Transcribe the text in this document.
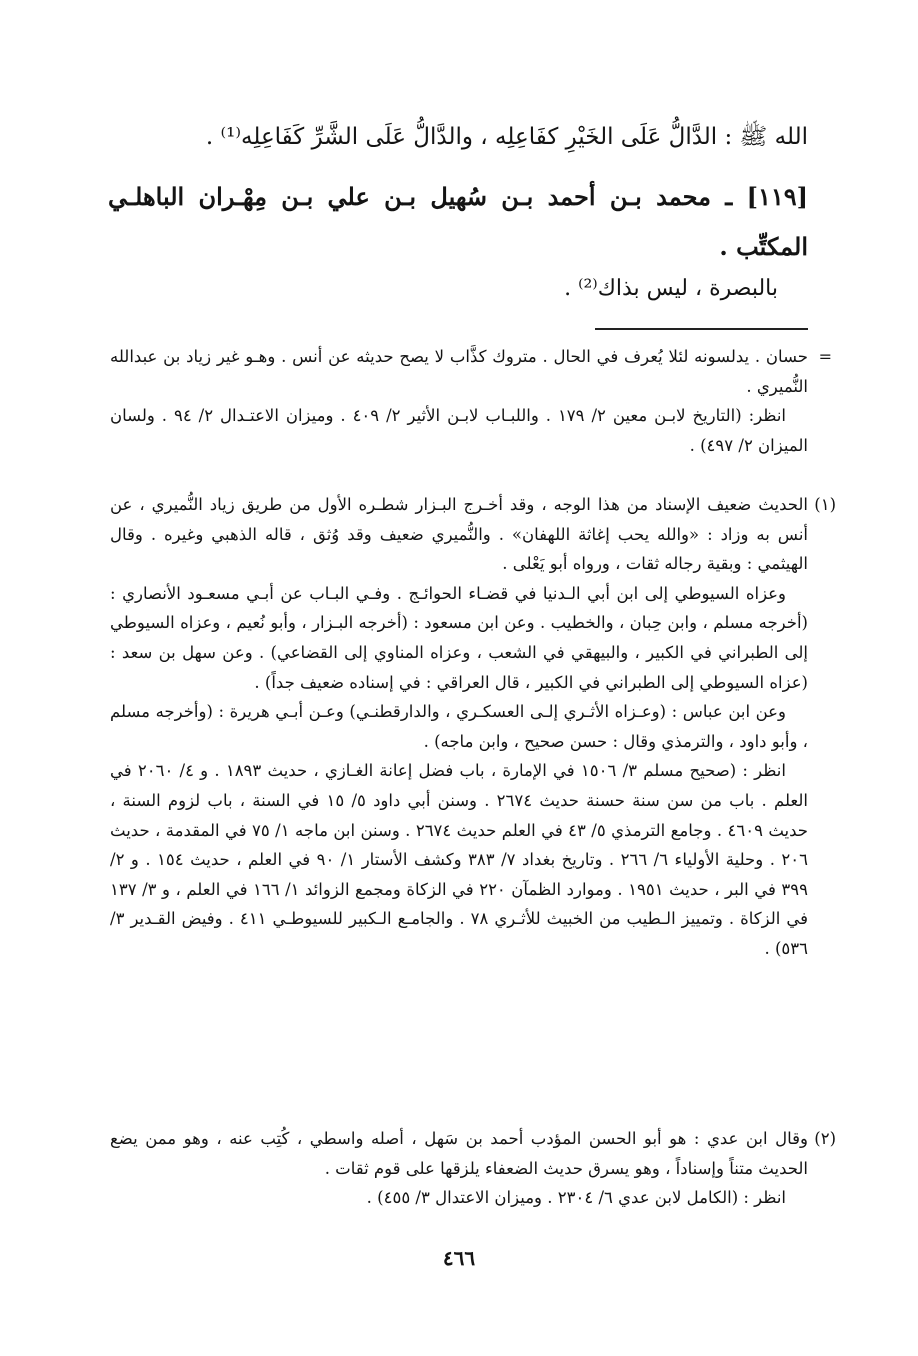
الله ﷺ : الدَّالُّ عَلَى الخَيْرِ كفَاعِلِه ، والدَّالُّ عَلَى الشَّرِّ كَفَاعِلِه⁽¹⁾ .
[١١٩] ـ محمد بـن أحمد بـن سُهيل بـن علي بـن مِهْـران الباهلـي المكتِّب .
بالبصرة ، ليس بذاك⁽²⁾ .
=

حسان . يدلسونه لئلا يُعرف في الحال . متروك كذَّاب لا يصح حديثه عن أنس . وهـو غير زياد بن عبدالله النُّميري .

انظر: (التاريخ لابـن معين ٢/ ١٧٩ . واللبـاب لابـن الأثير ٢/ ٤٠٩ . وميزان الاعتـدال ٢/ ٩٤ . ولسان الميزان ٢/ ٤٩٧) .

(١)

الحديث ضعيف الإسناد من هذا الوجه ، وقد أخـرج البـزار شطـره الأول من طريق زياد النُّميري ، عن أنس به وزاد : «والله يحب إغاثة اللهفان» . والنُّميري ضعيف وقد وُثق ، قاله الذهبي وغيره . وقال الهيثمي : وبقية رجاله ثقات ، ورواه أبو يَعْلى .

وعزاه السيوطي إلى ابن أبي الـدنيا في قضـاء الحوائـج . وفـي البـاب عن أبـي مسعـود الأنصاري : (أخرجه مسلم ، وابن حِبان ، والخطيب . وعن ابن مسعود : (أخرجه البـزار ، وأبو نُعيم ، وعزاه السيوطي إلى الطبراني في الكبير ، والبيهقي في الشعب ، وعزاه المناوي إلى القضاعي) . وعن سهل بن سعد : (عزاه السيوطي إلى الطبراني في الكبير ، قال العراقي : في إسناده ضعيف جداً) .

وعن ابن عباس : (وعـزاه الأثـري إلـى العسكـري ، والدارقطنـي) وعـن أبـي هريرة : (وأخرجه مسلم ، وأبو داود ، والترمذي وقال : حسن صحيح ، وابن ماجه) .

انظر : (صحيح مسلم ٣/ ١٥٠٦ في الإمارة ، باب فضل إعانة الغـازي ، حديث ١٨٩٣ . و ٤/ ٢٠٦٠ في العلم . باب من سن سنة حسنة حديث ٢٦٧٤ . وسنن أبي داود ٥/ ١٥ في السنة ، باب لزوم السنة ، حديث ٤٦٠٩ . وجامع الترمذي ٥/ ٤٣ في العلم حديث ٢٦٧٤ . وسنن ابن ماجه ١/ ٧٥ في المقدمة ، حديث ٢٠٦ . وحلية الأولياء ٦/ ٢٦٦ . وتاريخ بغداد ٧/ ٣٨٣ وكشف الأستار ١/ ٩٠ في العلم ، حديث ١٥٤ . و ٢/ ٣٩٩ في البر ، حديث ١٩٥١ . وموارد الظمآن ٢٢٠ في الزكاة ومجمع الزوائد ١/ ١٦٦ في العلم ، و ٣/ ١٣٧ في الزكاة . وتمييز الـطيب من الخبيث للأثـري ٧٨ . والجامـع الـكبير للسيوطـي ٤١١ . وفيض القـدير ٣/ ٥٣٦) .

(٢)

وقال ابن عدي : هو أبو الحسن المؤدب أحمد بن سَهل ، أصله واسطي ، كُتِب عنه ، وهو ممن يضع الحديث متناً وإسناداً ، وهو يسرق حديث الضعفاء يلزقها على قوم ثقات .

انظر : (الكامل لابن عدي ٦/ ٢٣٠٤ . وميزان الاعتدال ٣/ ٤٥٥) .

٤٦٦
